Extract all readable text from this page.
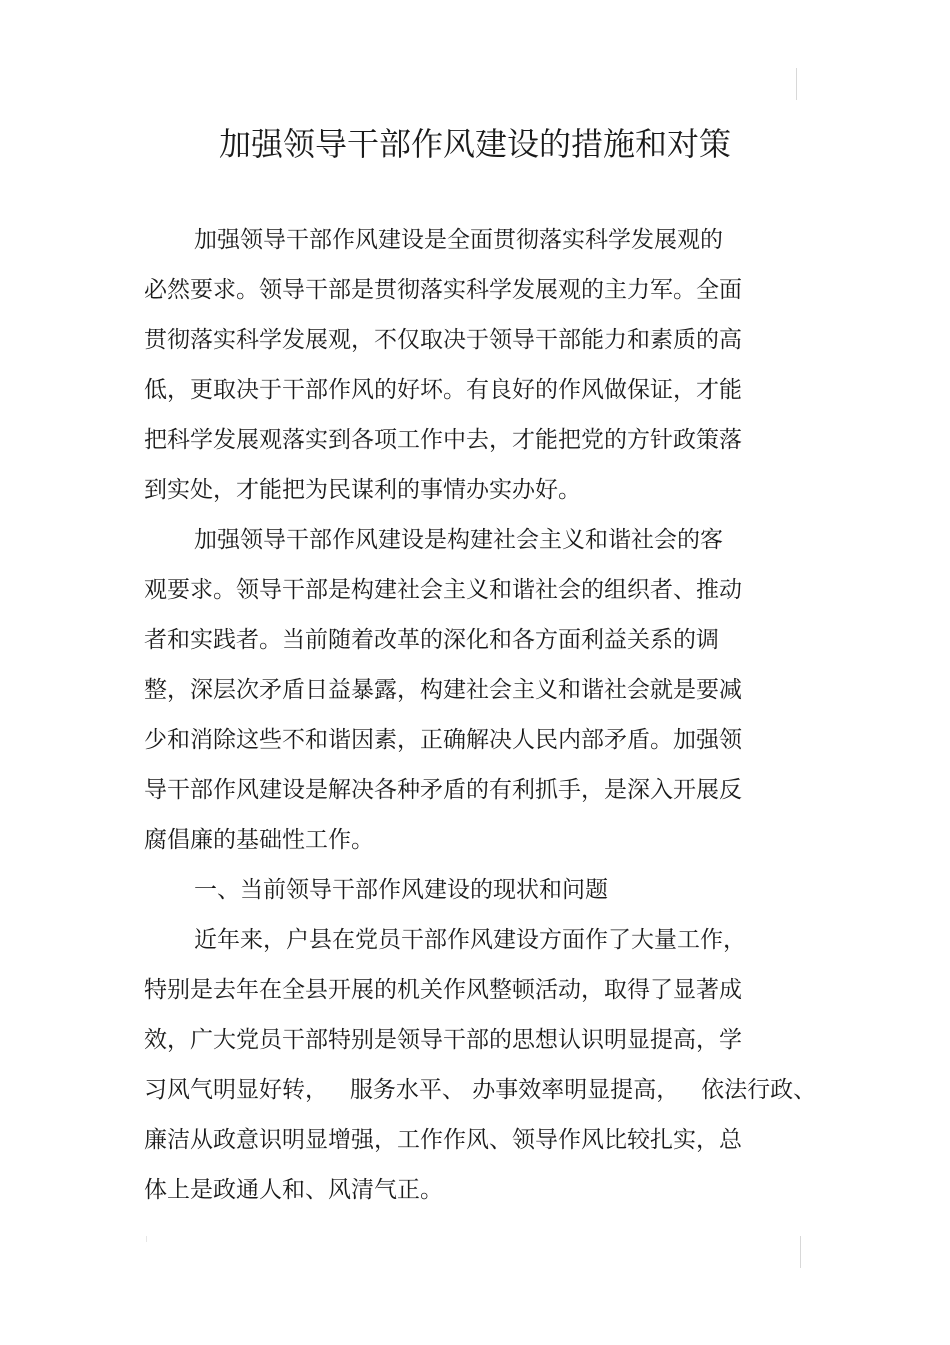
加强领导干部作风建设的措施和对策
加强领导干部作风建设是全面贯彻落实科学发展观的
必然要求。领导干部是贯彻落实科学发展观的主力军。全面
贯彻落实科学发展观，不仅取决于领导干部能力和素质的高
低，更取决于干部作风的好坏。有良好的作风做保证，才能
把科学发展观落实到各项工作中去，才能把党的方针政策落
到实处，才能把为民谋利的事情办实办好。
加强领导干部作风建设是构建社会主义和谐社会的客
观要求。领导干部是构建社会主义和谐社会的组织者、推动
者和实践者。当前随着改革的深化和各方面利益关系的调
整，深层次矛盾日益暴露，构建社会主义和谐社会就是要减
少和消除这些不和谐因素，正确解决人民内部矛盾。加强领
导干部作风建设是解决各种矛盾的有利抓手，是深入开展反
腐倡廉的基础性工作。
一、当前领导干部作风建设的现状和问题
近年来，户县在党员干部作风建设方面作了大量工作，
特别是去年在全县开展的机关作风整顿活动，取得了显著成
效，广大党员干部特别是领导干部的思想认识明显提高，学
习风气明显好转，   服务水平、 办事效率明显提高，   依法行政、
廉洁从政意识明显增强，工作作风、领导作风比较扎实，总
体上是政通人和、风清气正。
